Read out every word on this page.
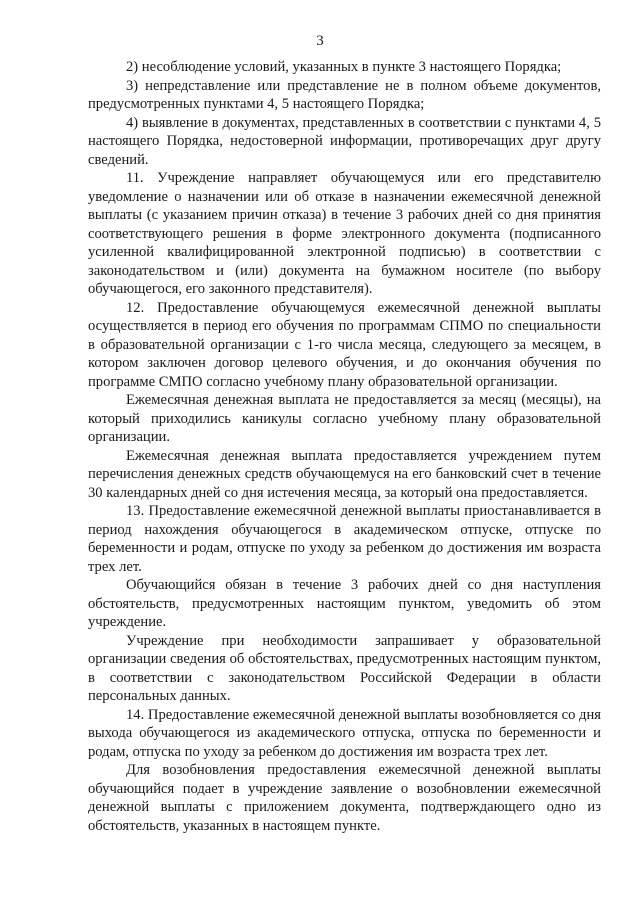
3

2) несоблюдение условий, указанных в пункте 3 настоящего Порядка;

3) непредставление или представление не в полном объеме документов, предусмотренных пунктами 4, 5 настоящего Порядка;

4) выявление в документах, представленных в соответствии с пунктами 4, 5 настоящего Порядка, недостоверной информации, противоречащих друг другу сведений.

11. Учреждение направляет обучающемуся или его представителю уведомление о назначении или об отказе в назначении ежемесячной денежной выплаты (с указанием причин отказа) в течение 3 рабочих дней со дня принятия соответствующего решения в форме электронного документа (подписанного усиленной квалифицированной электронной подписью) в соответствии с законодательством и (или) документа на бумажном носителе (по выбору обучающегося, его законного представителя).

12. Предоставление обучающемуся ежемесячной денежной выплаты осуществляется в период его обучения по программам СПМО по специальности в образовательной организации с 1-го числа месяца, следующего за месяцем, в котором заключен договор целевого обучения, и до окончания обучения по программе СМПО согласно учебному плану образовательной организации.

Ежемесячная денежная выплата не предоставляется за месяц (месяцы), на который приходились каникулы согласно учебному плану образовательной организации.

Ежемесячная денежная выплата предоставляется учреждением путем перечисления денежных средств обучающемуся на его банковский счет в течение 30 календарных дней со дня истечения месяца, за который она предоставляется.

13. Предоставление ежемесячной денежной выплаты приостанавливается в период нахождения обучающегося в академическом отпуске, отпуске по беременности и родам, отпуске по уходу за ребенком до достижения им возраста трех лет.

Обучающийся обязан в течение 3 рабочих дней со дня наступления обстоятельств, предусмотренных настоящим пунктом, уведомить об этом учреждение.

Учреждение при необходимости запрашивает у образовательной организации сведения об обстоятельствах, предусмотренных настоящим пунктом, в соответствии с законодательством Российской Федерации в области персональных данных.

14. Предоставление ежемесячной денежной выплаты возобновляется со дня выхода обучающегося из академического отпуска, отпуска по беременности и родам, отпуска по уходу за ребенком до достижения им возраста трех лет.

Для возобновления предоставления ежемесячной денежной выплаты обучающийся подает в учреждение заявление о возобновлении ежемесячной денежной выплаты с приложением документа, подтверждающего одно из обстоятельств, указанных в настоящем пункте.
